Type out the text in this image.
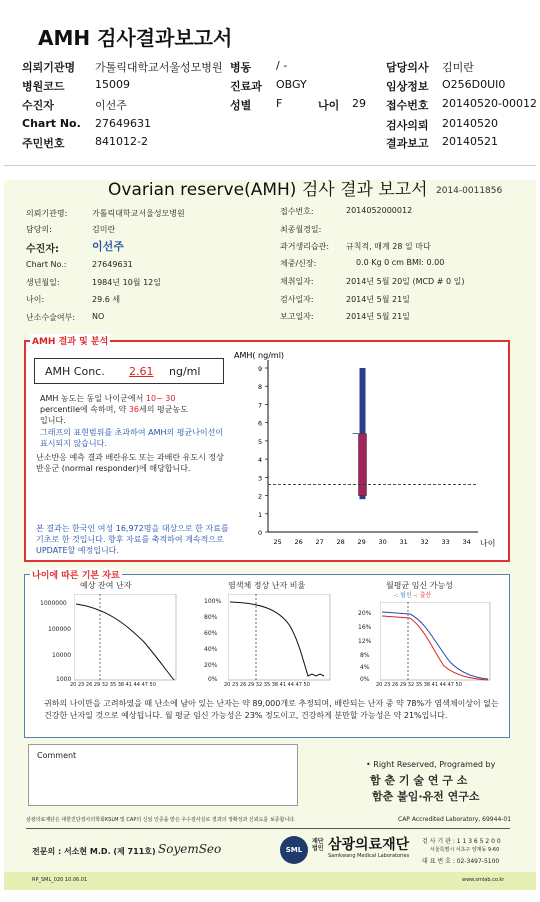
AMH 검사결과보고서
의뢰기관명 가톨릭대학교서울성모병원 병동 / -	담당의사 김미란
병원코드	15009	진료과 OBGY	임상정보 O256D0UI0
수진자	이선주	성별 F	나이 29 접수번호 20140520-00012
Chart No. 27649631	검사의뢰 20140520
주민번호	841012-2	결과보고 20140521
Ovarian reserve(AMH) 검사 결과 보고서 2014-0011856
의뢰기관명:	가톨릭대학교서울성모병원
담당의:	김미란
수진자:	이선주
Chart No.:	27649631
생년월일:	1984년 10월 12일
나이:	29.6 세
난소수술여부: NO
접수번호:	2014052000012
최종월경일:
과거생리습관: 규칙적, 매계 28 일 마다
체중/신장:	0.0 Kg 0 cm BMI: 0.00
채취일자:	2014년 5월 20일 (MCD # 0 일)
검사일자:	2014년 5월 21일
보고일자:	2014년 5월 21일
AMH 결과 및 분석
AMH Conc. 2.61 ng/ml
AMH 농도는 동일 나이군에서 10~ 30
percentile에 속하며, 약 36세의 평균농도
입니다.
그래프의 표현범위를 초과하여 AMH의 평균나이선이 표시되지 않습니다.
난소반응 예측 결과 배란유도 또는 과배란 유도시 정상반응군 (normal responder)에 해당합니다.
본 결과는 한국인 여성 16,972명을 대상으로 한 자료를 기초로 한 것입니다. 향후 자료를 축적하여 계속적으로 UPDATE할 예정입니다.
AMH( ng/ml)
0
1
2
3
4
5
6
7
8
9
25 26 27 28 29 30 31 32 33 34 나이
나이에 따른 기본 자료
예상 잔여 난자
1000000
100000
10000
1000
20 23 26 29 32 35 38 41 44 47 50
염색체 정상 난자 비율
100%
80%
60%
40%
20%
0%
20 23 26 29 32 35 38 41 44 47 50
월평균 임신 가능성
-: 임신 -: 출산
20%
16%
12%
8%
4%
0%
20 23 26 29 32 35 38 41 44 47 50
귀하의 나이만을 고려하였을 때 난소에 남아 있는 난자는 약 89,000개로 추정되며, 배란되는 난자 중 약 78%가 염색체이상이 없는 건강한 난자일 것으로 예상됩니다. 월 평균 임신 가능성은 23% 정도이고, 건강하게 분만할 가능성은 약 21%입니다.
Comment
• Right Reserved, Programed by
함 춘 기 술 연 구 소
함춘 불임·유전 연구소
삼광의료재단은 대한진단검사의학회KSLM 및 CAP의 신임 인증을 받은 우수검사실로 결과의 정확성과 신뢰도를 보증합니다.	CAP Accredited Laboratory, 69944-01
전문의 : 서소현 M.D. (제 711호) SoyemSeo	SML
재단법인 삼광의료재단
Samkwang Medical Laboratories
검 사 기 관 : 1 1 3 6 5 2 0 0
서울특별시 서초구 양재동 9-60
대 표 번 호 : 02-3497-5100
RP_SML_020 10.06.01	www.smlab.co.kr
